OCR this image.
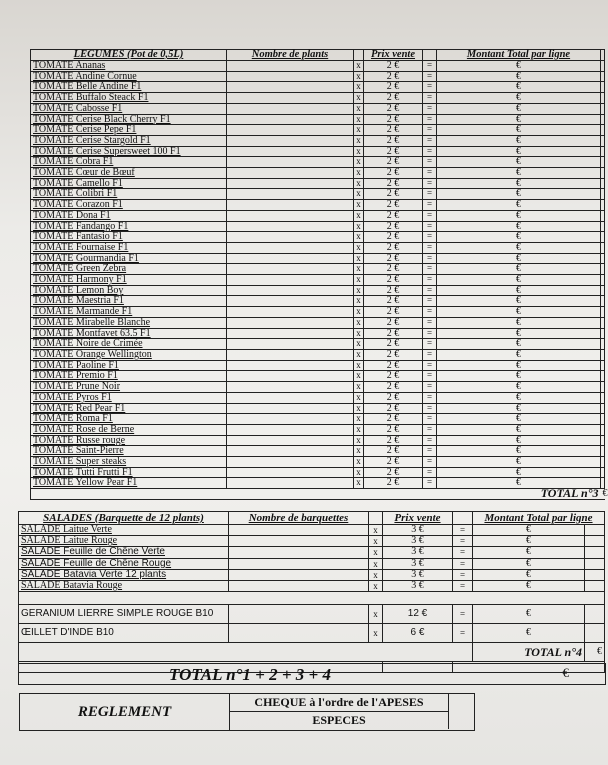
LEGUMES (Pot de 0,5L)	Nombre de plants		Prix vente		Montant Total par ligne	
TOMATE Ananas		x	2 €	=	€	
TOMATE Andine Cornue		x	2 €	=	€	
TOMATE Belle Andine F1		x	2 €	=	€	
TOMATE Buffalo Steack F1		x	2 €	=	€	
TOMATE Cabosse F1		x	2 €	=	€	
TOMATE Cerise Black Cherry F1		x	2 €	=	€	
TOMATE Cerise Pepe F1		x	2 €	=	€	
TOMATE Cerise Stargold F1		x	2 €	=	€	
TOMATE Cerise Supersweet 100 F1		x	2 €	=	€	
TOMATE Cobra F1		x	2 €	=	€	
TOMATE Cœur de Bœuf		x	2 €	=	€	
TOMATE Camello F1		x	2 €	=	€	
TOMATE Colibri F1		x	2 €	=	€	
TOMATE Corazon F1		x	2 €	=	€	
TOMATE Dona F1		x	2 €	=	€	
TOMATE Fandango F1		x	2 €	=	€	
TOMATE Fantasio F1		x	2 €	=	€	
TOMATE Fournaise F1		x	2 €	=	€	
TOMATE Gourmandia F1		x	2 €	=	€	
TOMATE Green Zebra		x	2 €	=	€	
TOMATE Harmony F1		x	2 €	=	€	
TOMATE Lemon Boy		x	2 €	=	€	
TOMATE Maestria F1		x	2 €	=	€	
TOMATE Marmande F1		x	2 €	=	€	
TOMATE Mirabelle Blanche		x	2 €	=	€	
TOMATE Montfavet 63.5 F1		x	2 €	=	€	
TOMATE Noire de Crimée		x	2 €	=	€	
TOMATE Orange Wellington		x	2 €	=	€	
TOMATE Paoline F1		x	2 €	=	€	
TOMATE Premio F1		x	2 €	=	€	
TOMATE Prune Noir		x	2 €	=	€	
TOMATE Pyros F1		x	2 €	=	€	
TOMATE Red Pear F1		x	2 €	=	€	
TOMATE Roma F1		x	2 €	=	€	
TOMATE Rose de Berne		x	2 €	=	€	
TOMATE Russe rouge		x	2 €	=	€	
TOMATE Saint-Pierre		x	2 €	=	€	
TOMATE Super steaks		x	2 €	=	€	
TOMATE Tutti Frutti F1		x	2 €	=	€	
TOMATE Yellow Pear F1		x	2 €	=	€	
					TOTAL n°3	€
SALADES (Barquette de 12 plants)	Nombre de barquettes		Prix vente		Montant Total par ligne	
SALADE Laitue Verte		x	3 €	=	€	
SALADE Laitue Rouge		x	3 €	=	€	
SALADE Feuille de Chêne Verte		x	3 €	=	€	
SALADE Feuille de Chêne Rouge		x	3 €	=	€	
SALADE Batavia Verte 12 plants		x	3 €	=	€	
SALADE Batavia Rouge		x	3 €	=	€	

GERANIUM LIERRE SIMPLE ROUGE B10		x	12 €	=	€	
ŒILLET D'INDE B10		x	6 €	=	€	
					TOTAL n°4	€

TOTAL n°1 + 2 + 3 + 4	€
REGLEMENT
CHEQUE à l'ordre de l'APESES
ESPECES
